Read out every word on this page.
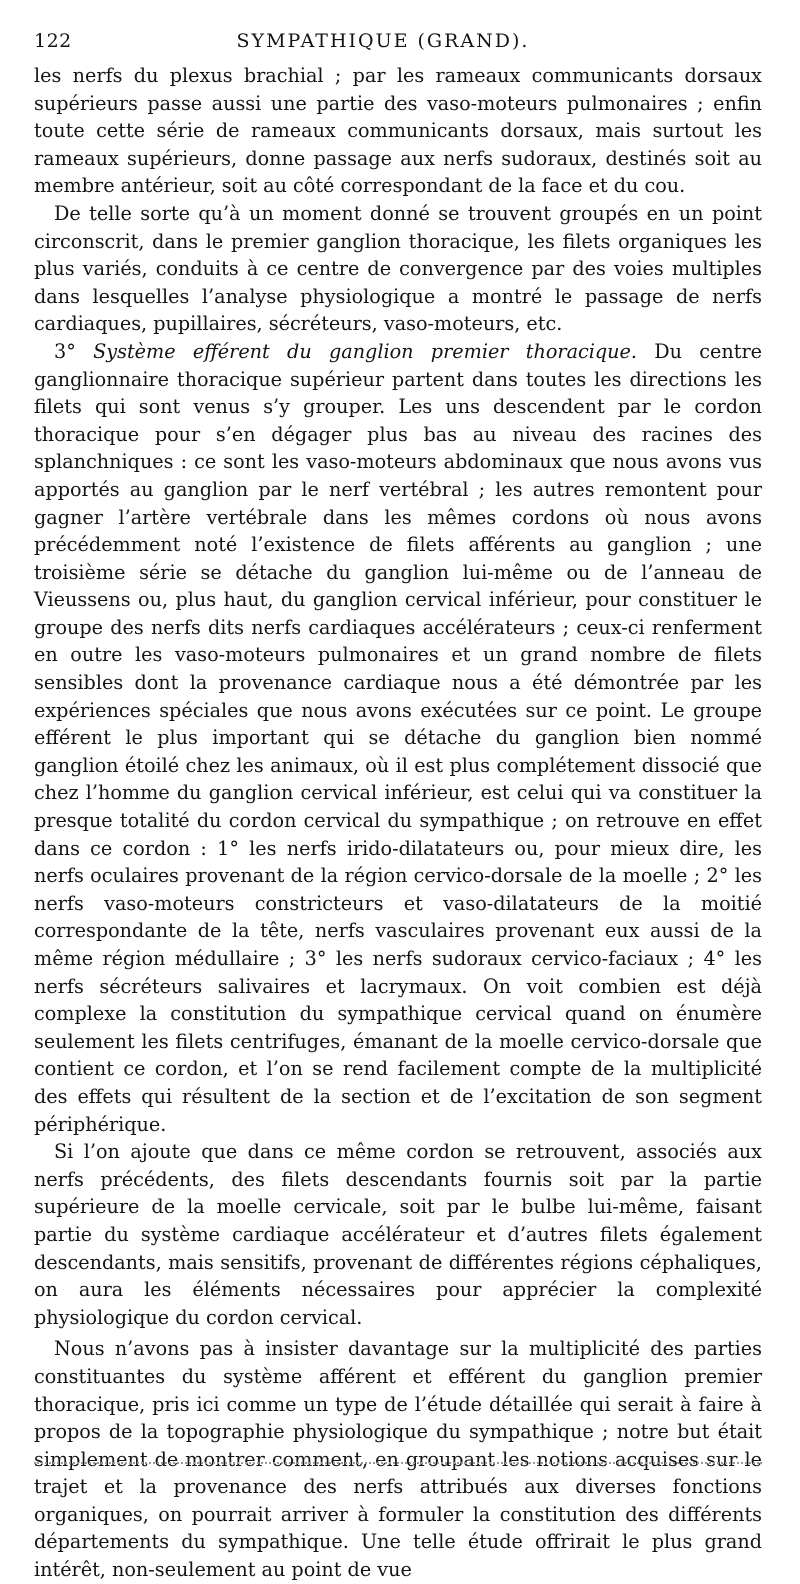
122	SYMPATHIQUE (GRAND).

les nerfs du plexus brachial ; par les rameaux communicants dorsaux supérieurs passe aussi une partie des vaso-moteurs pulmonaires ; enfin toute cette série de rameaux communicants dorsaux, mais surtout les rameaux supérieurs, donne passage aux nerfs sudoraux, destinés soit au membre antérieur, soit au côté correspondant de la face et du cou.

De telle sorte qu’à un moment donné se trouvent groupés en un point circonscrit, dans le premier ganglion thoracique, les filets organiques les plus variés, conduits à ce centre de convergence par des voies multiples dans lesquelles l’analyse physiologique a montré le passage de nerfs cardiaques, pupillaires, sécréteurs, vaso-moteurs, etc.

3° Système efférent du ganglion premier thoracique. Du centre ganglionnaire thoracique supérieur partent dans toutes les directions les filets qui sont venus s’y grouper. Les uns descendent par le cordon thoracique pour s’en dégager plus bas au niveau des racines des splanchniques : ce sont les vaso-moteurs abdominaux que nous avons vus apportés au ganglion par le nerf vertébral ; les autres remontent pour gagner l’artère vertébrale dans les mêmes cordons où nous avons précédemment noté l’existence de filets afférents au ganglion ; une troisième série se détache du ganglion lui-même ou de l’anneau de Vieussens ou, plus haut, du ganglion cervical inférieur, pour constituer le groupe des nerfs dits nerfs cardiaques accélérateurs ; ceux-ci renferment en outre les vaso-moteurs pulmonaires et un grand nombre de filets sensibles dont la provenance cardiaque nous a été démontrée par les expériences spéciales que nous avons exécutées sur ce point. Le groupe efférent le plus important qui se détache du ganglion bien nommé ganglion étoilé chez les animaux, où il est plus complétement dissocié que chez l’homme du ganglion cervical inférieur, est celui qui va constituer la presque totalité du cordon cervical du sympathique ; on retrouve en effet dans ce cordon : 1° les nerfs irido-dilatateurs ou, pour mieux dire, les nerfs oculaires provenant de la région cervico-dorsale de la moelle ; 2° les nerfs vaso-moteurs constricteurs et vaso-dilatateurs de la moitié correspondante de la tête, nerfs vasculaires provenant eux aussi de la même région médullaire ; 3° les nerfs sudoraux cervico-faciaux ; 4° les nerfs sécréteurs salivaires et lacrymaux. On voit combien est déjà complexe la constitution du sympathique cervical quand on énumère seulement les filets centrifuges, émanant de la moelle cervico-dorsale que contient ce cordon, et l’on se rend facilement compte de la multiplicité des effets qui résultent de la section et de l’excitation de son segment périphérique.

Si l’on ajoute que dans ce même cordon se retrouvent, associés aux nerfs précédents, des filets descendants fournis soit par la partie supérieure de la moelle cervicale, soit par le bulbe lui-même, faisant partie du système cardiaque accélérateur et d’autres filets également descendants, mais sensitifs, provenant de différentes régions céphaliques, on aura les éléments nécessaires pour apprécier la complexité physiologique du cordon cervical.

Nous n’avons pas à insister davantage sur la multiplicité des parties constituantes du système afférent et efférent du ganglion premier thoracique, pris ici comme un type de l’étude détaillée qui serait à faire à propos de la topographie physiologique du sympathique ; notre but était simplement de montrer comment, en groupant les notions acquises sur le trajet et la provenance des nerfs attribués aux diverses fonctions organiques, on pourrait arriver à formuler la constitution des différents départements du sympathique. Une telle étude offrirait le plus grand intérêt, non-seulement au point de vue
